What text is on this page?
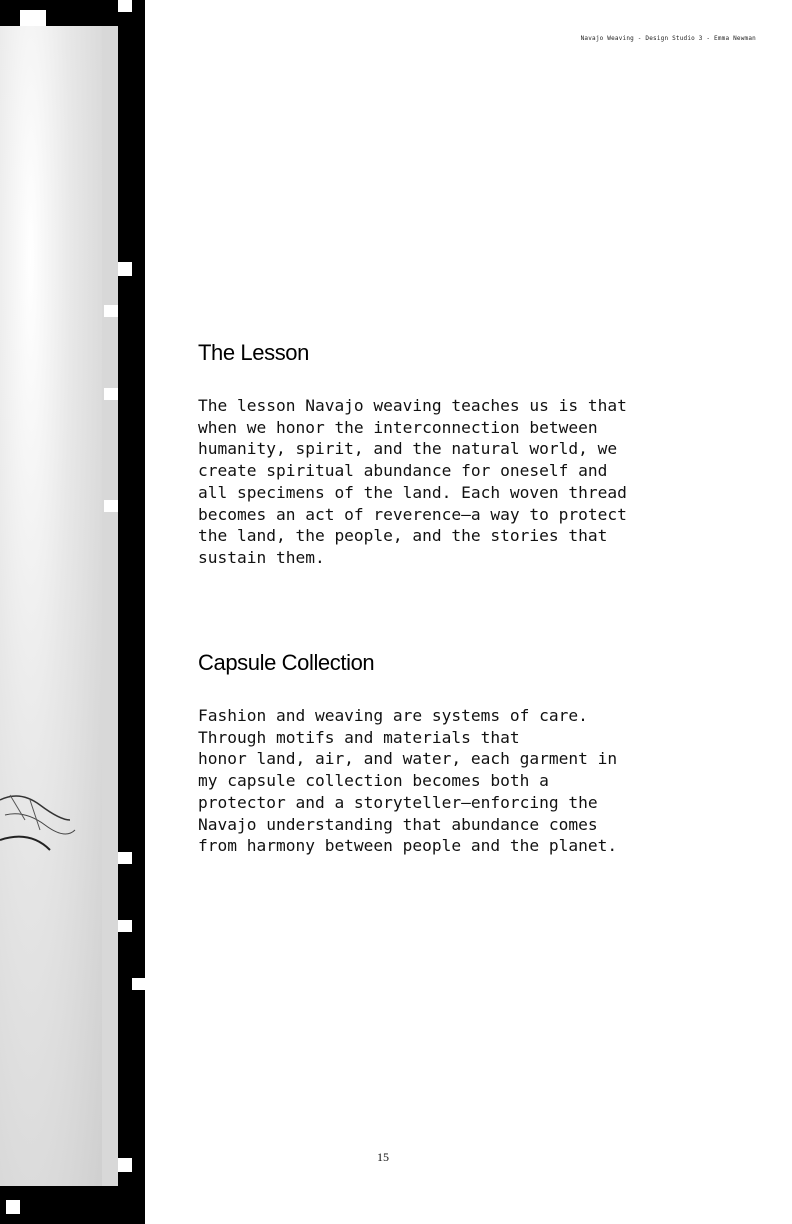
Navajo Weaving - Design Studio 3 - Emma Newman
The Lesson

The lesson Navajo weaving teaches us is that
when we honor the interconnection between
humanity, spirit, and the natural world, we
create spiritual abundance for oneself and
all specimens of the land. Each woven thread
becomes an act of reverence—a way to protect
the land, the people, and the stories that
sustain them.

Capsule Collection

Fashion and weaving are systems of care.
Through motifs and materials that
honor land, air, and water, each garment in
my capsule collection becomes both a
protector and a storyteller—enforcing the
Navajo understanding that abundance comes
from harmony between people and the planet.

15
